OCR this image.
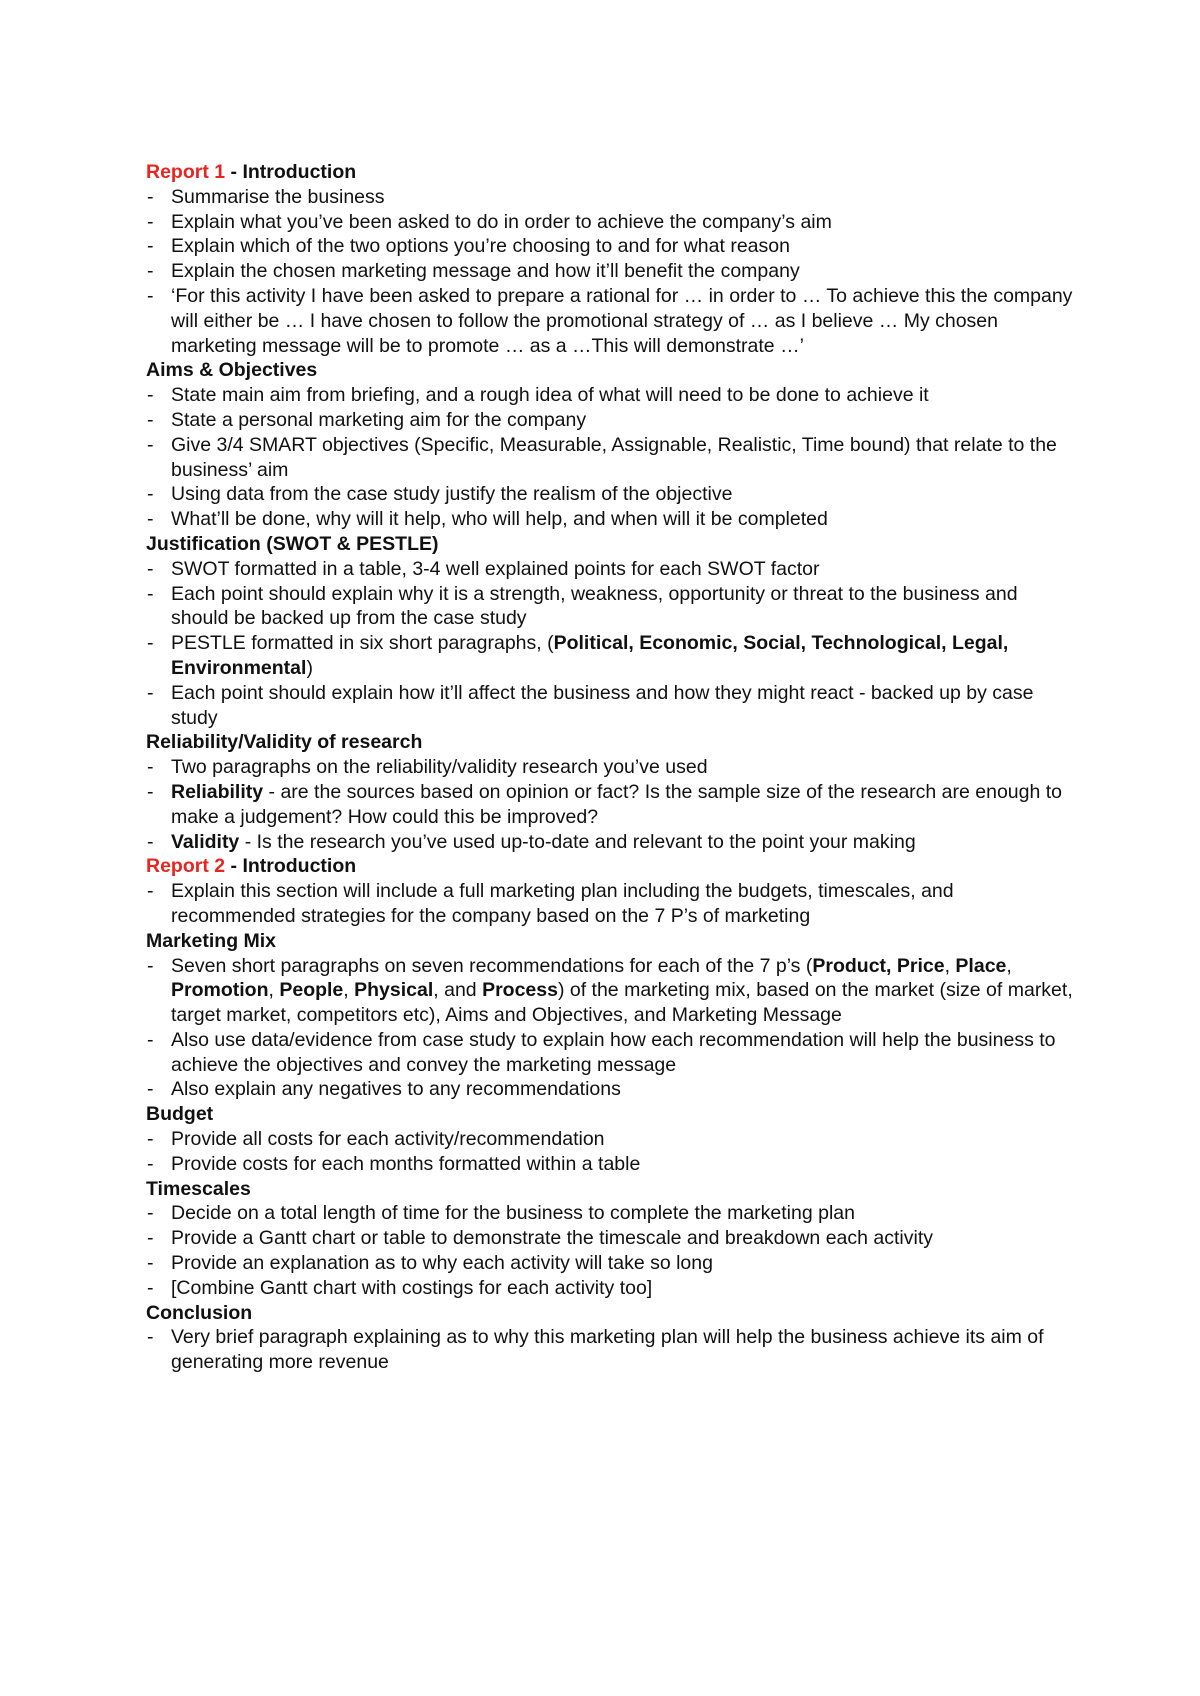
Report 1 - Introduction
- Summarise the business
- Explain what you’ve been asked to do in order to achieve the company’s aim
- Explain which of the two options you’re choosing to and for what reason
- Explain the chosen marketing message and how it’ll benefit the company
- ‘For this activity I have been asked to prepare a rational for … in order to … To achieve this the company will either be … I have chosen to follow the promotional strategy of … as I believe … My chosen marketing message will be to promote … as a …This will demonstrate …’
Aims & Objectives
- State main aim from briefing, and a rough idea of what will need to be done to achieve it
- State a personal marketing aim for the company
- Give 3/4 SMART objectives (Specific, Measurable, Assignable, Realistic, Time bound) that relate to the business’ aim
- Using data from the case study justify the realism of the objective
- What’ll be done, why will it help, who will help, and when will it be completed
Justification (SWOT & PESTLE)
- SWOT formatted in a table, 3-4 well explained points for each SWOT factor
- Each point should explain why it is a strength, weakness, opportunity or threat to the business and should be backed up from the case study
- PESTLE formatted in six short paragraphs, (Political, Economic, Social, Technological, Legal, Environmental)
- Each point should explain how it’ll affect the business and how they might react - backed up by case study
Reliability/Validity of research
- Two paragraphs on the reliability/validity research you’ve used
- Reliability - are the sources based on opinion or fact? Is the sample size of the research are enough to make a judgement? How could this be improved?
- Validity - Is the research you’ve used up-to-date and relevant to the point your making
Report 2 - Introduction
- Explain this section will include a full marketing plan including the budgets, timescales, and recommended strategies for the company based on the 7 P’s of marketing
Marketing Mix
- Seven short paragraphs on seven recommendations for each of the 7 p’s (Product, Price, Place, Promotion, People, Physical, and Process) of the marketing mix, based on the market (size of market, target market, competitors etc), Aims and Objectives, and Marketing Message
- Also use data/evidence from case study to explain how each recommendation will help the business to achieve the objectives and convey the marketing message
- Also explain any negatives to any recommendations
Budget
- Provide all costs for each activity/recommendation
- Provide costs for each months formatted within a table
Timescales
- Decide on a total length of time for the business to complete the marketing plan
- Provide a Gantt chart or table to demonstrate the timescale and breakdown each activity
- Provide an explanation as to why each activity will take so long
- [Combine Gantt chart with costings for each activity too]
Conclusion
- Very brief paragraph explaining as to why this marketing plan will help the business achieve its aim of generating more revenue
